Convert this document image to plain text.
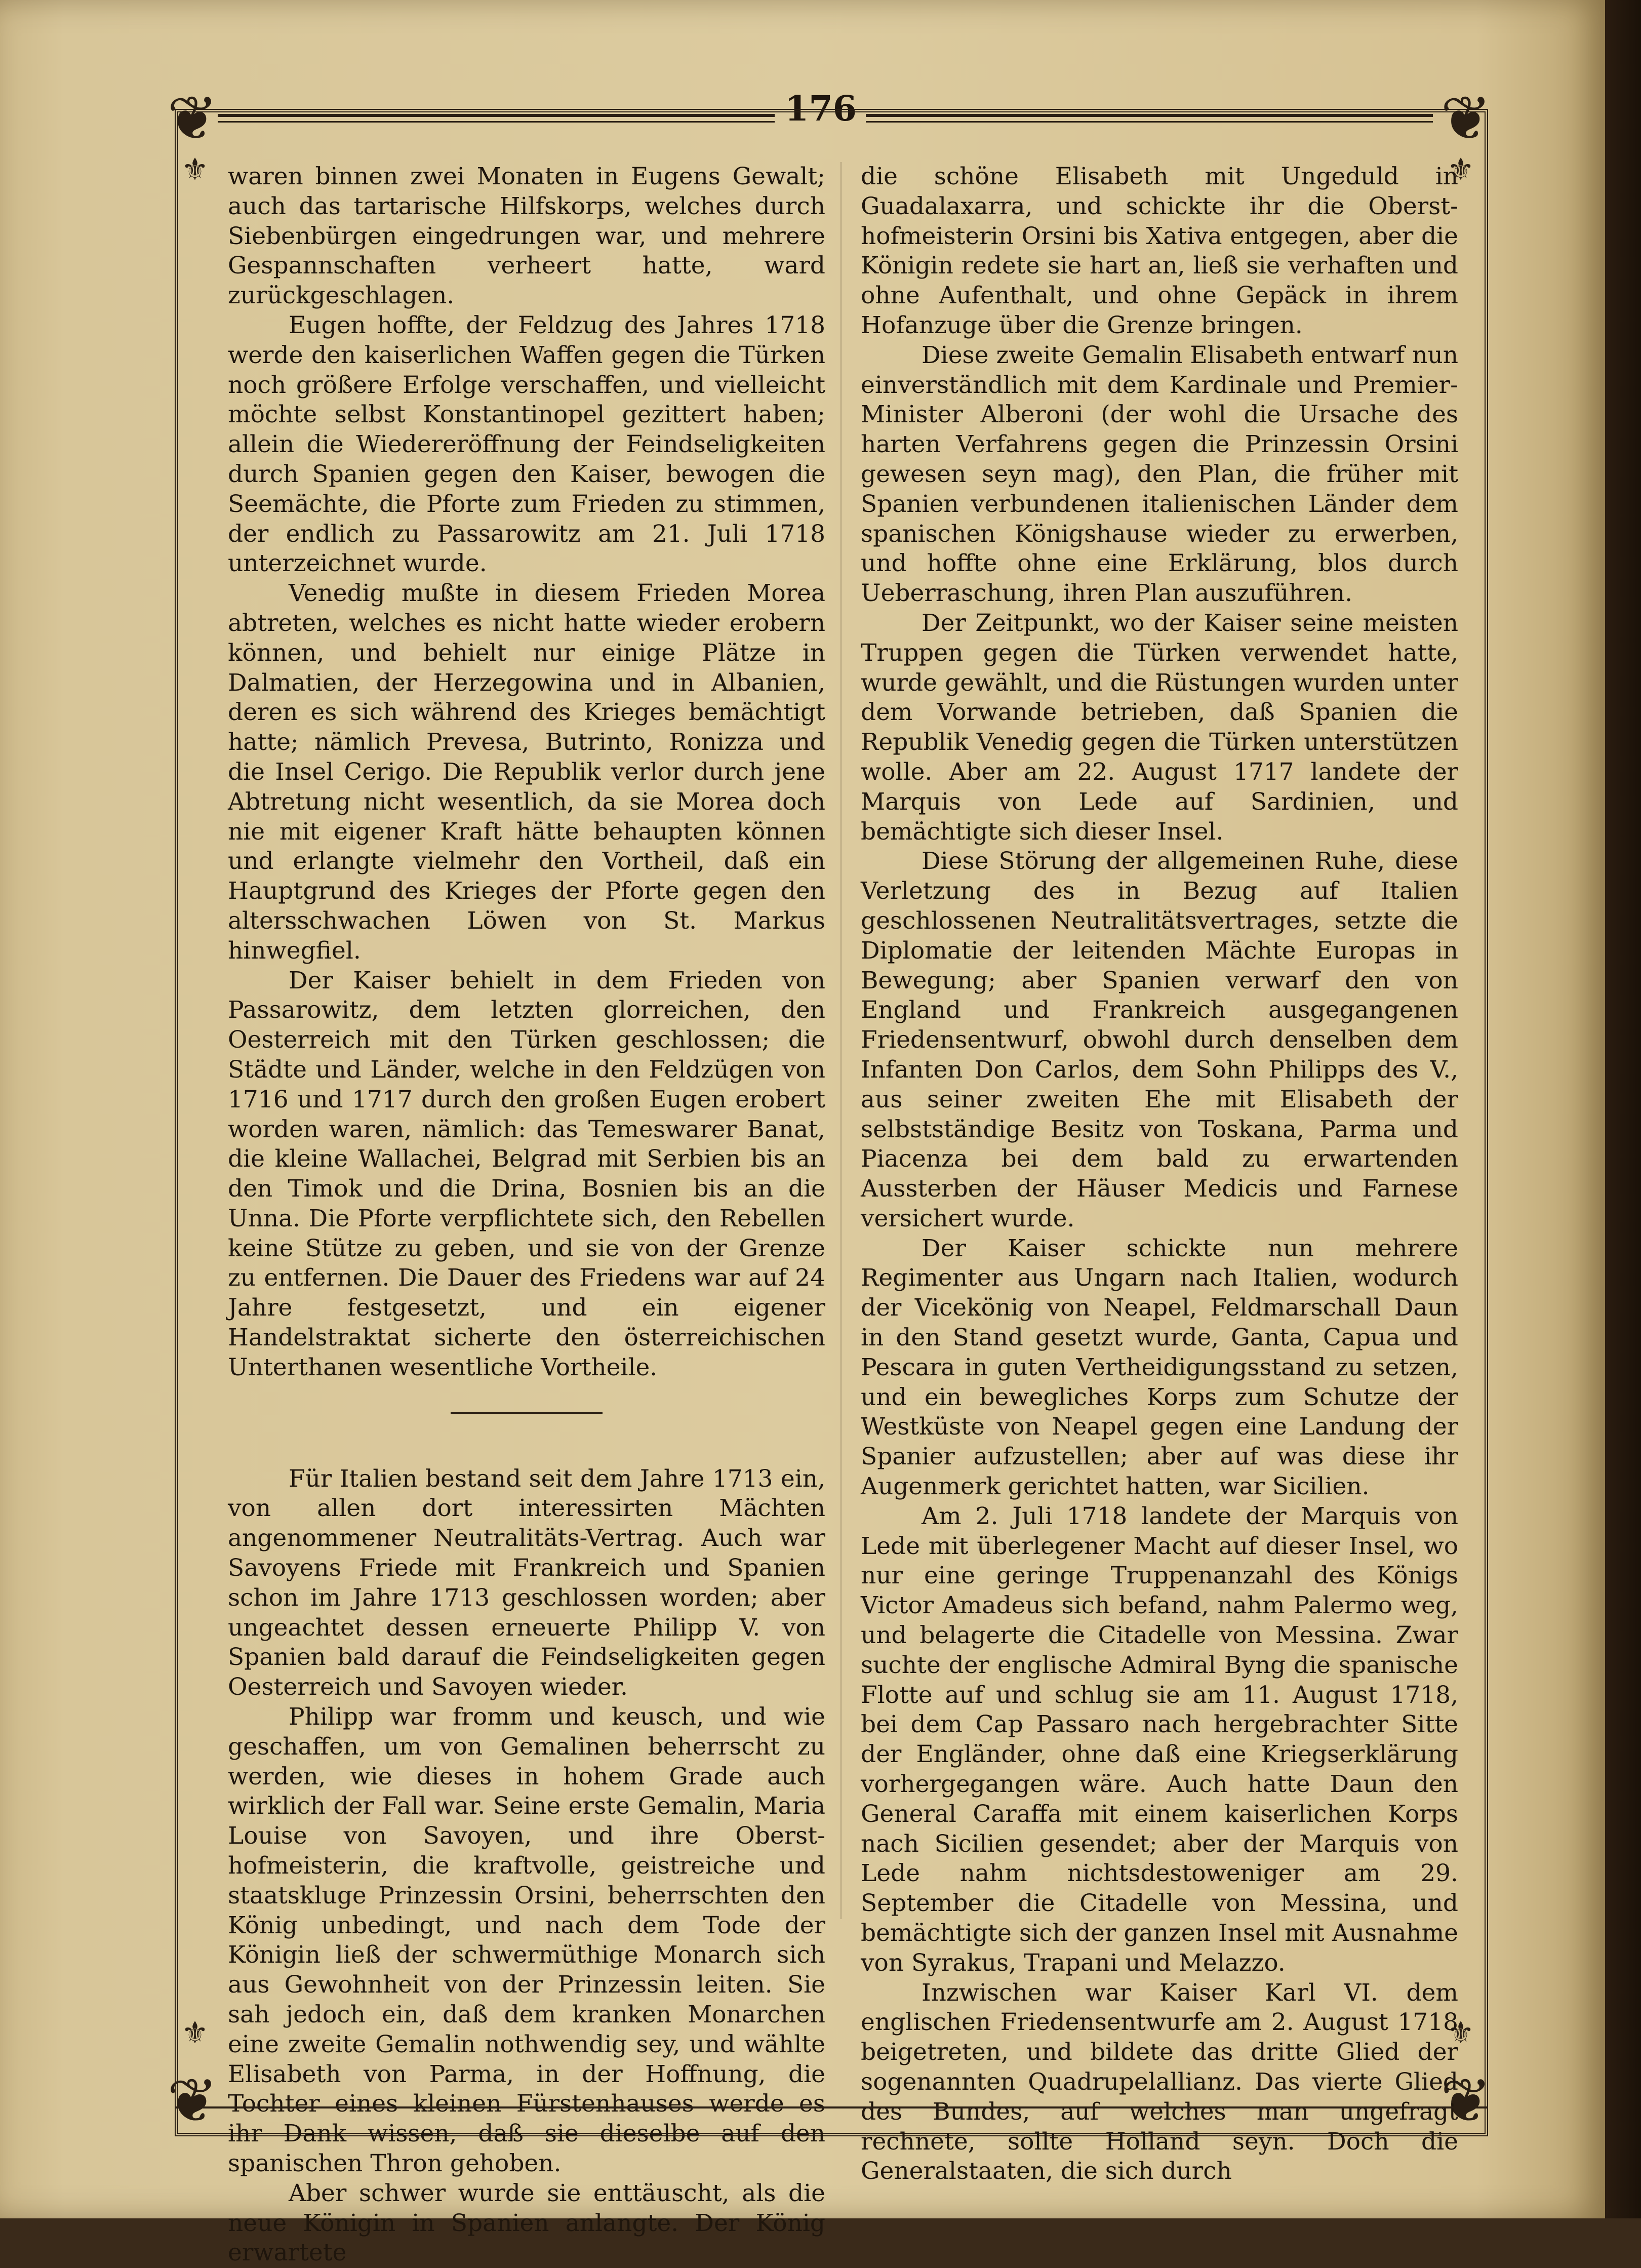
176
❦	❦
❦	❦
⚜	⚜
⚜	⚜

waren binnen zwei Monaten in Eugens Gewalt; auch das tartarische Hilfskorps, welches durch Siebenbürgen eingedrungen war, und mehrere Gespannschaften verheert hatte, ward zurückgeschlagen.

Eugen hoffte, der Feldzug des Jahres 1718 werde den kaiserlichen Waffen gegen die Türken noch größere Erfolge verschaffen, und vielleicht möchte selbst Konstantinopel gezittert haben; allein die Wiedereröffnung der Feindseligkeiten durch Spanien gegen den Kaiser, bewogen die Seemächte, die Pforte zum Frieden zu stimmen, der endlich zu Passarowitz am 21. Juli 1718 unterzeichnet wurde.

Venedig mußte in diesem Frieden Morea abtreten, welches es nicht hatte wieder erobern können, und behielt nur einige Plätze in Dalmatien, der Herzegowina und in Albanien, deren es sich während des Krieges bemächtigt hatte; nämlich Prevesa, Butrinto, Ronizza und die Insel Cerigo. Die Republik verlor durch jene Abtretung nicht wesentlich, da sie Morea doch nie mit eigener Kraft hätte behaupten können und erlangte vielmehr den Vortheil, daß ein Hauptgrund des Krieges der Pforte gegen den altersschwachen Löwen von St. Markus hinwegfiel.

Der Kaiser behielt in dem Frieden von Passarowitz, dem letzten glorreichen, den Oesterreich mit den Türken geschlossen; die Städte und Länder, welche in den Feldzügen von 1716 und 1717 durch den großen Eugen erobert worden waren, nämlich: das Temeswarer Banat, die kleine Wallachei, Belgrad mit Serbien bis an den Timok und die Drina, Bosnien bis an die Unna. Die Pforte verpflichtete sich, den Rebellen keine Stütze zu geben, und sie von der Grenze zu entfernen. Die Dauer des Friedens war auf 24 Jahre festgesetzt, und ein eigener Handelstraktat sicherte den österreichischen Unterthanen wesentliche Vortheile.

Für Italien bestand seit dem Jahre 1713 ein, von allen dort interessirten Mächten angenommener Neutralitäts-Vertrag. Auch war Savoyens Friede mit Frankreich und Spanien schon im Jahre 1713 geschlossen worden; aber ungeachtet dessen erneuerte Philipp V. von Spanien bald darauf die Feindseligkeiten gegen Oesterreich und Savoyen wieder.

Philipp war fromm und keusch, und wie geschaffen, um von Gemalinen beherrscht zu werden, wie dieses in hohem Grade auch wirklich der Fall war. Seine erste Gemalin, Maria Louise von Savoyen, und ihre Obersthofmeisterin, die kraftvolle, geistreiche und staatskluge Prinzessin Orsini, beherrschten den König unbedingt, und nach dem Tode der Königin ließ der schwermüthige Monarch sich aus Gewohnheit von der Prinzessin leiten. Sie sah jedoch ein, daß dem kranken Monarchen eine zweite Gemalin nothwendig sey, und wählte Elisabeth von Parma, in der Hoffnung, die Tochter eines kleinen Fürstenhauses werde es ihr Dank wissen, daß sie dieselbe auf den spanischen Thron gehoben.

Aber schwer wurde sie enttäuscht, als die neue Königin in Spanien anlangte. Der König erwartete

die schöne Elisabeth mit Ungeduld in Guadalaxarra, und schickte ihr die Obersthofmeisterin Orsini bis Xativa entgegen, aber die Königin redete sie hart an, ließ sie verhaften und ohne Aufenthalt, und ohne Gepäck in ihrem Hofanzuge über die Grenze bringen.

Diese zweite Gemalin Elisabeth entwarf nun einverständlich mit dem Kardinale und Premier-Minister Alberoni (der wohl die Ursache des harten Verfahrens gegen die Prinzessin Orsini gewesen seyn mag), den Plan, die früher mit Spanien verbundenen italienischen Länder dem spanischen Königshause wieder zu erwerben, und hoffte ohne eine Erklärung, blos durch Ueberraschung, ihren Plan auszuführen.

Der Zeitpunkt, wo der Kaiser seine meisten Truppen gegen die Türken verwendet hatte, wurde gewählt, und die Rüstungen wurden unter dem Vorwande betrieben, daß Spanien die Republik Venedig gegen die Türken unterstützen wolle. Aber am 22. August 1717 landete der Marquis von Lede auf Sardinien, und bemächtigte sich dieser Insel.

Diese Störung der allgemeinen Ruhe, diese Verletzung des in Bezug auf Italien geschlossenen Neutralitätsvertrages, setzte die Diplomatie der leitenden Mächte Europas in Bewegung; aber Spanien verwarf den von England und Frankreich ausgegangenen Friedensentwurf, obwohl durch denselben dem Infanten Don Carlos, dem Sohn Philipps des V., aus seiner zweiten Ehe mit Elisabeth der selbstständige Besitz von Toskana, Parma und Piacenza bei dem bald zu erwartenden Aussterben der Häuser Medicis und Farnese versichert wurde.

Der Kaiser schickte nun mehrere Regimenter aus Ungarn nach Italien, wodurch der Vicekönig von Neapel, Feldmarschall Daun in den Stand gesetzt wurde, Ganta, Capua und Pescara in guten Vertheidigungsstand zu setzen, und ein bewegliches Korps zum Schutze der Westküste von Neapel gegen eine Landung der Spanier aufzustellen; aber auf was diese ihr Augenmerk gerichtet hatten, war Sicilien.

Am 2. Juli 1718 landete der Marquis von Lede mit überlegener Macht auf dieser Insel, wo nur eine geringe Truppenanzahl des Königs Victor Amadeus sich befand, nahm Palermo weg, und belagerte die Citadelle von Messina. Zwar suchte der englische Admiral Byng die spanische Flotte auf und schlug sie am 11. August 1718, bei dem Cap Passaro nach hergebrachter Sitte der Engländer, ohne daß eine Kriegserklärung vorhergegangen wäre. Auch hatte Daun den General Caraffa mit einem kaiserlichen Korps nach Sicilien gesendet; aber der Marquis von Lede nahm nichtsdestoweniger am 29. September die Citadelle von Messina, und bemächtigte sich der ganzen Insel mit Ausnahme von Syrakus, Trapani und Melazzo.

Inzwischen war Kaiser Karl VI. dem englischen Friedensentwurfe am 2. August 1718 beigetreten, und bildete das dritte Glied der sogenannten Quadrupelallianz. Das vierte Glied des Bundes, auf welches man ungefragt rechnete, sollte Holland seyn. Doch die Generalstaaten, die sich durch
